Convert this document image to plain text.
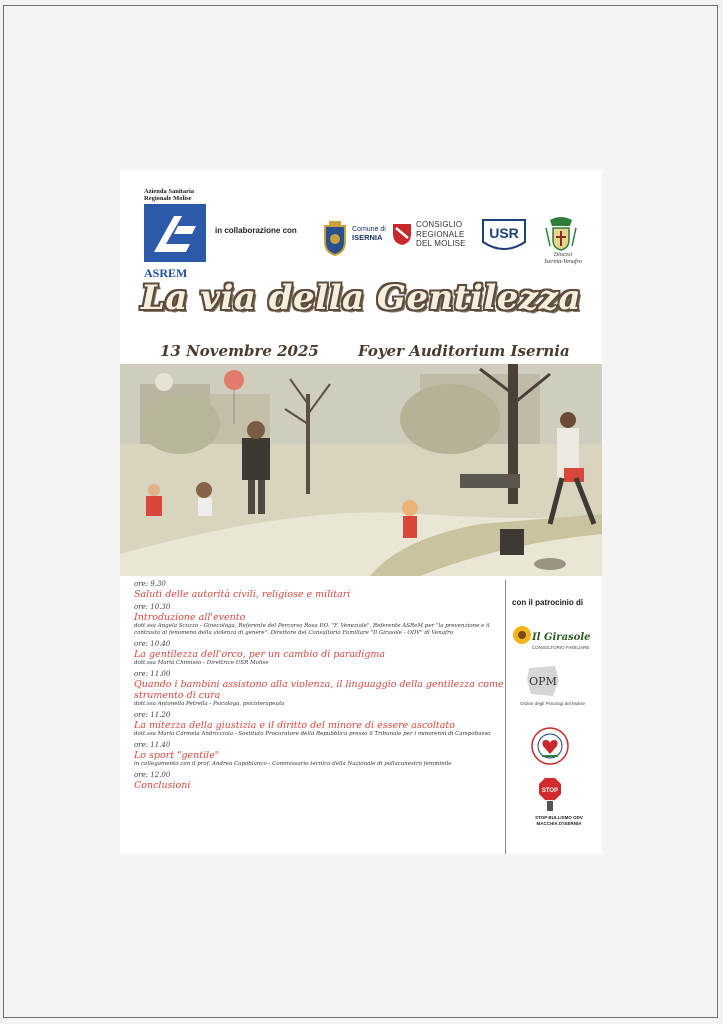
Azienda Sanitaria Regionale Molise
ASREM
in collaborazione con	Comune di
ISERNIA
CONSIGLIO
REGIONALE
DEL MOLISE
USR
Diocesi
Isernia-Venafro
La via della Gentilezza
13 Novembre 2025	Foyer Auditorium Isernia
ore: 9.30
Saluti delle autorità civili, religiose e militari
ore: 10.30
Introduzione all'evento
dott.ssa Angela Scuzzo - Ginecologa, Referente del Percorso Rosa P.O. "F. Veneziale", Referente ASReM per "la prevenzione e il contrasto al fenomeno della violenza di genere". Direttore del Consultorio Familiare "Il Girasole - ODV" di Venafro
ore: 10.40
La gentilezza dell'orco, per un cambio di paradigma
dott.ssa Maria Chimisso - Direttrice USR Molise
ore: 11.00
Quando i bambini assistono alla violenza, il linguaggio della gentilezza come strumento di cura
dott.ssa Antonella Petrella - Psicologa, psicoterapeuta
ore: 11.20
La mitezza della giustizia e il diritto del minore di essere ascoltato
dott.ssa Maria Carmela Andricciola - Sostituto Procuratore della Repubblica presso il Tribunale per i minorenni di Campobasso
ore: 11.40
Lo sport "gentile"
in collegamento con il prof. Andrea Capobianco - Commissario tecnico della Nazionale di pallacanestro femminile
ore: 12.00
Conclusioni
con il patrocinio di
Il Girasole
CONSULTORIO FAMILIARE
OPM
Ordine degli Psicologi del Molise
STOP
STOP BULLISMO ODV
MACCHIA D'ISERNIA
